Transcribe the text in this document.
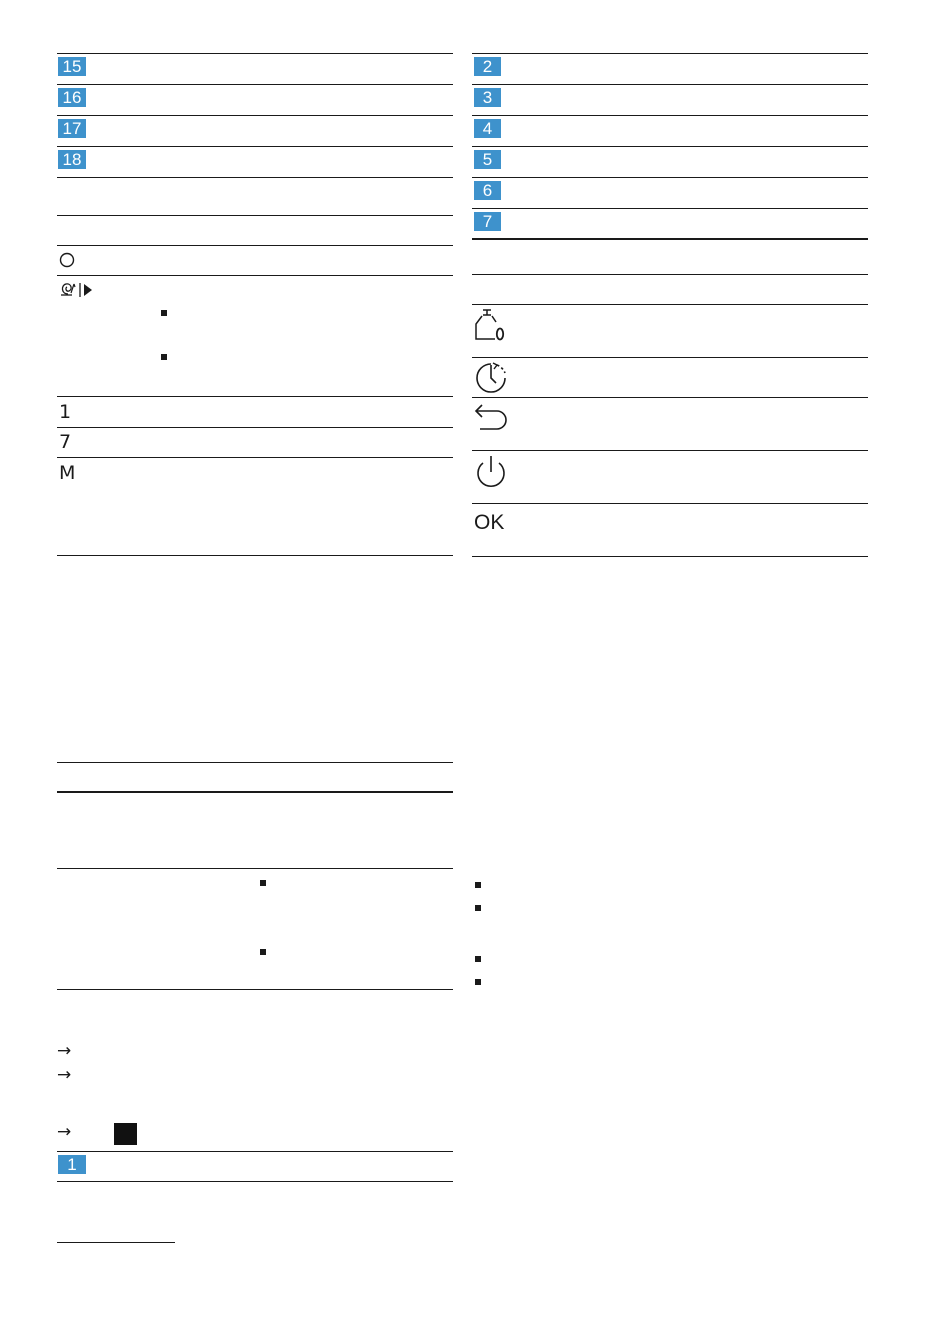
15
16
17
18
1
7
M
2
3
4
5
6
7
OK
→
→
→
1
